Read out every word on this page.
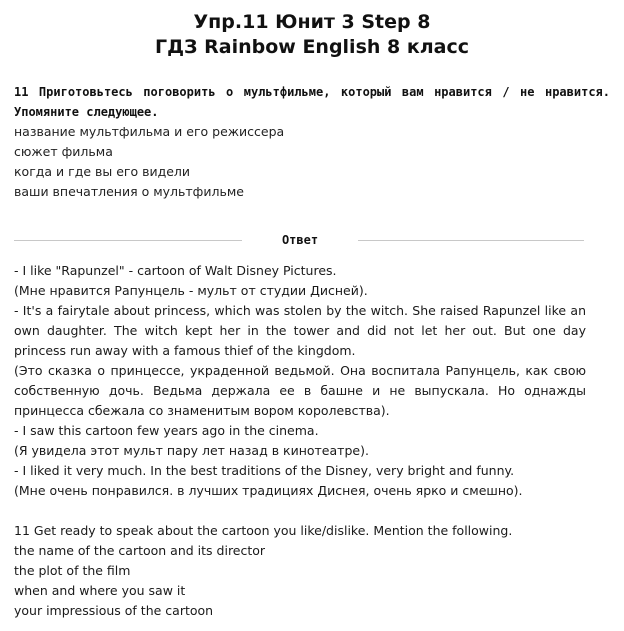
Упр.11 Юнит 3 Step 8
ГДЗ Rainbow English 8 класс
11 Приготовьтесь поговорить о мультфильме, который вам нравится / не нравится. Упомяните следующее.
название мультфильма и его режиссера
сюжет фильма
когда и где вы его видели
ваши впечатления о мультфильме
Ответ

- I like "Rapunzel" - cartoon of Walt Disney Pictures.

(Мне нравится Рапунцель - мульт от студии Дисней).

- It's a fairytale about princess, which was stolen by the witch. She raised Rapunzel like an own daughter. The witch kept her in the tower and did not let her out. But one day princess run away with a famous thief of the kingdom.

(Это сказка о принцессе, украденной ведьмой. Она воспитала Рапунцель, как свою собственную дочь. Ведьма держала ее в башне и не выпускала. Но однажды принцесса сбежала со знаменитым вором королевства).

- I saw this cartoon few years ago in the cinema.

(Я увидела этот мульт пару лет назад в кинотеатре).

- I liked it very much. In the best traditions of the Disney, very bright and funny.

(Мне очень понравился. в лучших традициях Диснея, очень ярко и смешно).

11 Get ready to speak about the cartoon you like/dislike. Mention the following.

the name of the cartoon and its director

the plot of the film

when and where you saw it

your impressious of the cartoon
